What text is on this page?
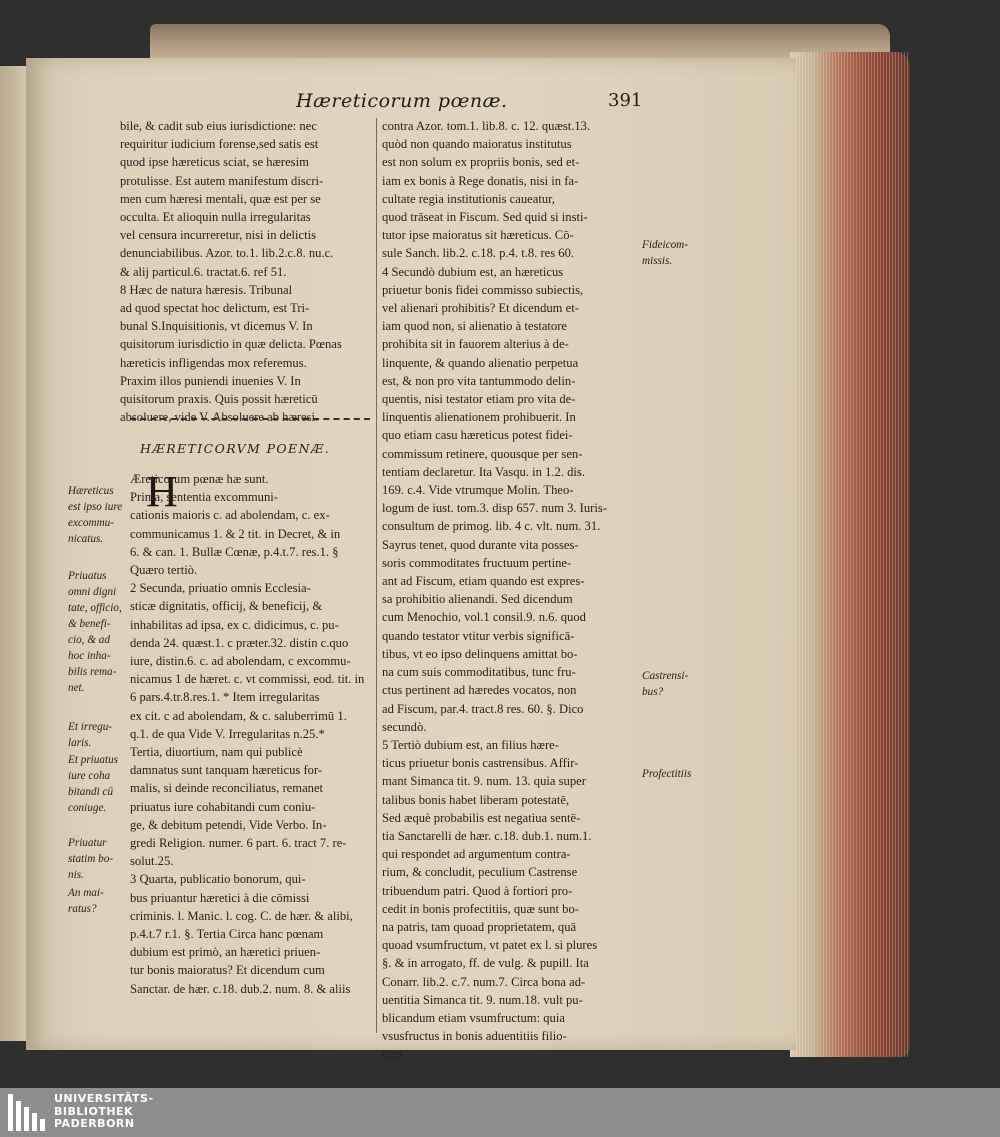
Hæreticorum pœnæ.	391

bile, & cadit sub eius iurisdictione: nec

requiritur iudicium forense,sed satis est

quod ipse hæreticus sciat, se hæresim

protulisse. Est autem manifestum discri-

men cum hæresi mentali, quæ est per se

occulta. Et alioquin nulla irregularitas

vel censura incurreretur, nisi in delictis

denunciabilibus. Azor. to.1. lib.2.c.8. nu.c.

& alij particul.6. tractat.6. ref 51.

8 Hæc de natura hæresis. Tribunal

ad quod spectat hoc delictum, est Tri-

bunal S.Inquisitionis, vt dicemus V. In

quisitorum iurisdictio in quæ delicta. Pœnas

hæreticis infligendas mox referemus.

Praxim illos puniendi inuenies V. In

quisitorum praxis. Quis possit hæreticū

absoluere, vide V. Absoluere ab hæresi.

HÆRETICORVM POENÆ.
H

Æreticorum pœnæ hæ sunt.

Prima, sententia excommuni-

cationis maioris c. ad abolendam, c. ex-

communicamus 1. & 2 tit. in Decret, & in

6. & can. 1. Bullæ Cœnæ, p.4.t.7. res.1. §

Quæro tertiò.

2 Secunda, priuatio omnis Ecclesia-

sticæ dignitatis, officij, & beneficij, &

inhabilitas ad ipsa, ex c. didicimus, c. pu-

denda 24. quæst.1. c præter.32. distin c.quo

iure, distin.6. c. ad abolendam, c excommu-

nicamus 1 de hæret. c. vt commissi, eod. tit. in

6 pars.4.tr.8.res.1. * Item irregularitas

ex cit. c ad abolendam, & c. saluberrimū 1.

q.1. de qua Vide V. Irregularitas n.25.*

Tertia, diuortium, nam qui publicè

damnatus sunt tanquam hæreticus for-

malis, si deinde reconciliatus, remanet

priuatus iure cohabitandi cum coniu-

ge, & debitum petendi, Vide Verbo. In-

gredi Religion. numer. 6 part. 6. tract 7. re-

solut.25.

3 Quarta, publicatio bonorum, qui-

bus priuantur hæretici à die cōmissi

criminis. l. Manic. l. cog. C. de hær. & alibi,

p.4.t.7 r.1. §. Tertia Circa hanc pœnam

dubium est primò, an hæretici priuen-

tur bonis maioratus? Et dicendum cum

Sanctar. de hær. c.18. dub.2. num. 8. & aliis

contra Azor. tom.1. lib.8. c. 12. quæst.13.

quòd non quando maioratus institutus

est non solum ex propriis bonis, sed et-

iam ex bonis à Rege donatis, nisi in fa-

cultate regia institutionis caueatur,

quod trāseat in Fiscum. Sed quid si insti-

tutor ipse maioratus sit hæreticus. Cō-

sule Sanch. lib.2. c.18. p.4. t.8. res 60.

4 Secundò dubium est, an hæreticus

priuetur bonis fidei commisso subiectis,

vel alienari prohibitis? Et dicendum et-

iam quod non, si alienatio à testatore

prohibita sit in fauorem alterius à de-

linquente, & quando alienatio perpetua

est, & non pro vita tantummodo delin-

quentis, nisi testator etiam pro vita de-

linquentis alienationem prohibuerit. In

quo etiam casu hæreticus potest fidei-

commissum retinere, quousque per sen-

tentiam declaretur. Ita Vasqu. in 1.2. dis.

169. c.4. Vide vtrumque Molin. Theo-

logum de iust. tom.3. disp 657. num 3. Iuris-

consultum de primog. lib. 4 c. vlt. num. 31.

Sayrus tenet, quod durante vita posses-

soris commoditates fructuum pertine-

ant ad Fiscum, etiam quando est expres-

sa prohibitio alienandi. Sed dicendum

cum Menochio, vol.1 consil.9. n.6. quod

quando testator vtitur verbis significā-

tibus, vt eo ipso delinquens amittat bo-

na cum suis commoditatibus, tunc fru-

ctus pertinent ad hæredes vocatos, non

ad Fiscum, par.4. tract.8 res. 60. §. Dico

secundò.

5 Tertiò dubium est, an filius hære-

ticus priuetur bonis castrensibus. Affir-

mant Simanca tit. 9. num. 13. quia super

talibus bonis habet liberam potestatē,

Sed æquè probabilis est negatiua sentē-

tia Sanctarelli de hær. c.18. dub.1. num.1.

qui respondet ad argumentum contra-

rium, & concludit, peculium Castrense

tribuendum patri. Quod à fortiori pro-

cedit in bonis profectitiis, quæ sunt bo-

na patris, tam quoad proprietatem, quā

quoad vsumfructum, vt patet ex l. si plures

§. & in arrogato, ff. de vulg. & pupill. Ita

Conarr. lib.2. c.7. num.7. Circa bona ad-

uentitia Simanca tit. 9. num.18. vult pu-

blicandum etiam vsumfructum: quia

vsusfructus in bonis aduentitiis filio-

rum

Hæreticus

est ipso iure

excommu-

nicatus.

Priuatus

omni digni

tate, officio,

& benefi-

cio, & ad

hoc inha-

bilis rema-

net.

Et irregu-

laris.

Et priuatus

iure coha

bitandi cū

coniuge.

Priuatur

statim bo-

nis.

An mai-

ratus?

Fideicom-

missis.

Castrensi-

bus?

Profectitiis

UNIVERSITÄTS-
BIBLIOTHEK
PADERBORN
